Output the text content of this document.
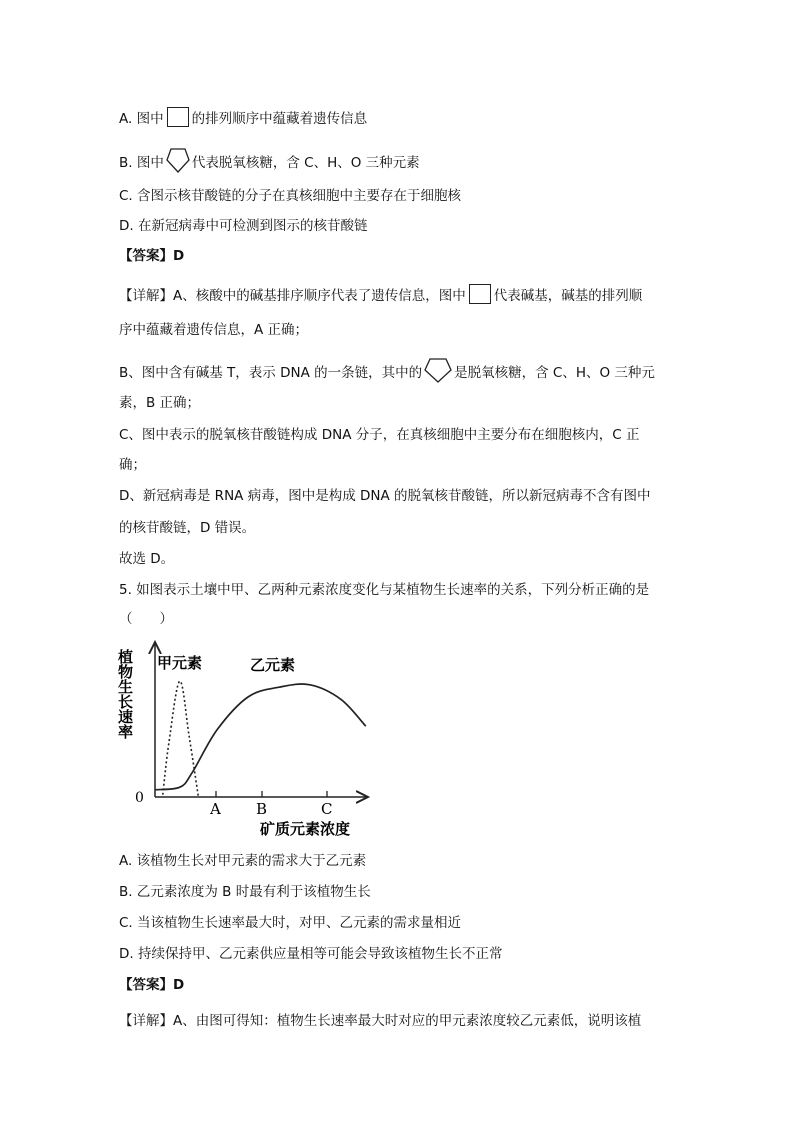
A. 图中 的排列顺序中蕴藏着遗传信息
B. 图中 代表脱氧核糖，含 C、H、O 三种元素
C. 含图示核苷酸链的分子在真核细胞中主要存在于细胞核
D. 在新冠病毒中可检测到图示的核苷酸链
【答案】D
【详解】A、核酸中的碱基排序顺序代表了遗传信息，图中 代表碱基，碱基的排列顺
序中蕴藏着遗传信息，A 正确；
B、图中含有碱基 T，表示 DNA 的一条链，其中的 是脱氧核糖，含 C、H、O 三种元
素，B 正确；
C、图中表示的脱氧核苷酸链构成 DNA 分子，在真核细胞中主要分布在细胞核内，C 正
确；
D、新冠病毒是 RNA 病毒，图中是构成 DNA 的脱氧核苷酸链，所以新冠病毒不含有图中
的核苷酸链，D 错误。
故选 D。
5. 如图表示土壤中甲、乙两种元素浓度变化与某植物生长速率的关系，下列分析正确的是
（　　）
植物生长速率
0
A B	C
甲元素	乙元素
矿质元素浓度
A. 该植物生长对甲元素的需求大于乙元素
B. 乙元素浓度为 B 时最有利于该植物生长
C. 当该植物生长速率最大时，对甲、乙元素的需求量相近
D. 持续保持甲、乙元素供应量相等可能会导致该植物生长不正常
【答案】D
【详解】A、由图可得知：植物生长速率最大时对应的甲元素浓度较乙元素低，说明该植
